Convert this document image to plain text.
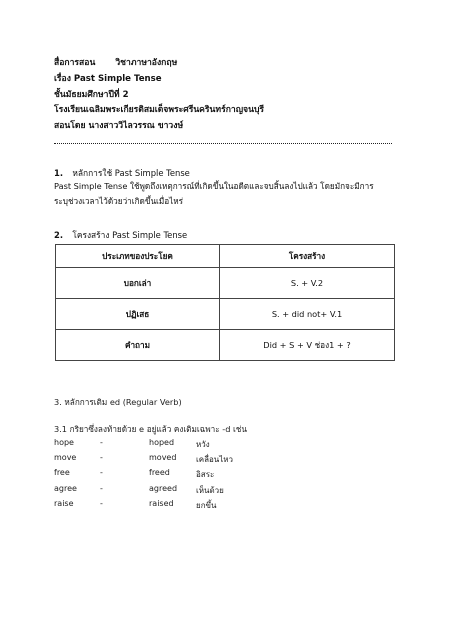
สื่อการสอน วิชาภาษาอังกฤษ
เรื่อง Past Simple Tense
ชั้นมัธยมศึกษาปีที่ 2
โรงเรียนเฉลิมพระเกียรติสมเด็จพระศรีนครินทร์กาญจนบุรี
สอนโดย นางสาววิไลวรรณ ขาวงษ์
1. หลักการใช้ Past Simple Tense
Past Simple Tense ใช้พูดถึงเหตุการณ์ที่เกิดขึ้นในอดีตและจบสิ้นลงไปแล้ว โดยมักจะมีการ
ระบุช่วงเวลาไว้ด้วยว่าเกิดขึ้นเมื่อไหร่
2. โครงสร้าง Past Simple Tense
ประเภทของประโยค	โครงสร้าง
บอกเล่า	S. + V.2
ปฏิเสธ	S. + did not+ V.1
คำถาม	Did + S + V ช่อง1 + ?
3. หลักการเติม ed (Regular Verb)
3.1 กริยาซึ่งลงท้ายด้วย e อยู่แล้ว คงเติมเฉพาะ -d เช่น
hope	-	hoped	หวัง
move	-	moved เคลื่อนไหว
free	-	freed	อิสระ
agree	-	agreed เห็นด้วย
raise	-	raised	ยกขึ้น
